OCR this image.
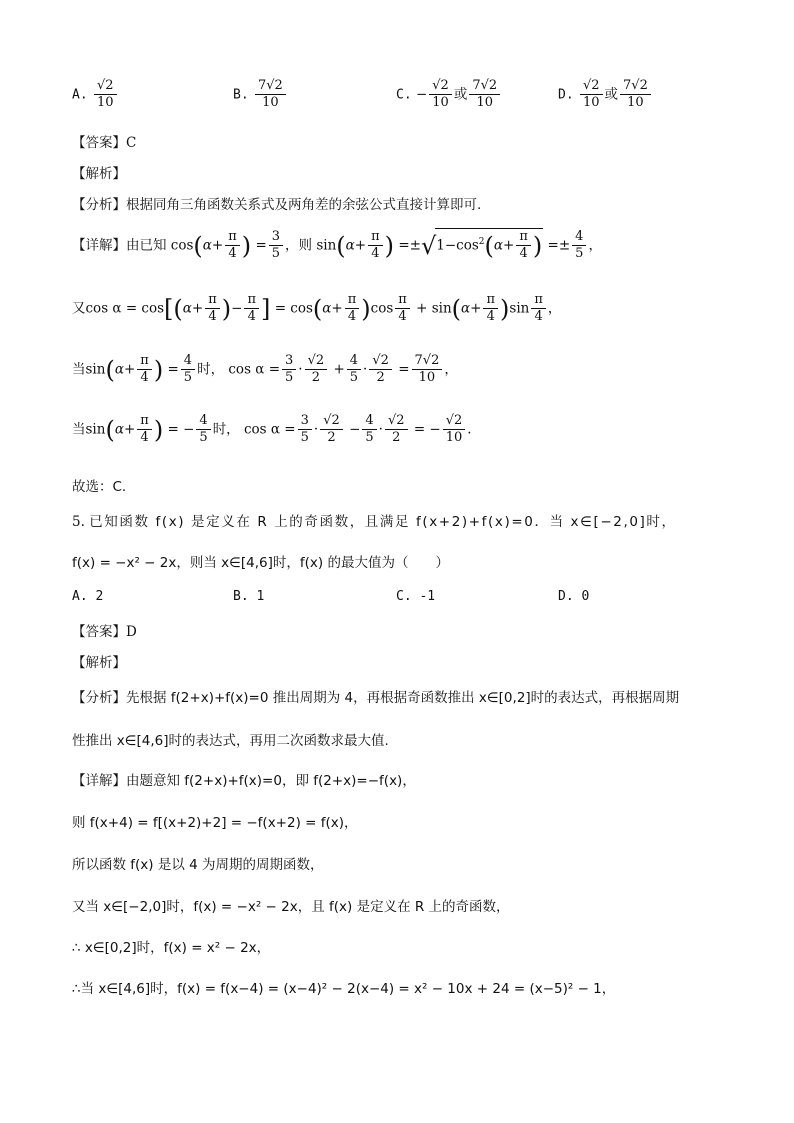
A. $\frac{√2}{10}$	B. $\frac{7√2}{10}$	C. − $\frac{√2}{10}$ 或 $\frac{7√2}{10}$	D. $\frac{√2}{10}$ 或 $\frac{7√2}{10}$
【答案】C
【解析】
【分析】根据同角三角函数关系式及两角差的余弦公式直接计算即可.
【详解】由已知 $\cos(\alpha+ \frac{\pi}{4}$ ) = $\frac{3}{5}$ ，则 $\sin(\alpha+ \frac{\pi}{4}$ ) $=\pm√1-\cos^2(\alpha+ \frac{\pi}{4}$ ) =± $\frac{4}{5}$ ，
又$\cos \alpha = \cos[(\alpha+ \frac{\pi}{4}$ )− $\frac{\pi}{4}$ ] = $\cos(\alpha+ \frac{\pi}{4} )\cos \frac{\pi}{4} + \sin(\alpha+ \frac{\pi}{4} )\sin \frac{\pi}{4}$ ，
当$\sin(\alpha+ \frac{\pi}{4}$ ) = $\frac{4}{5}$ 时， $\cos \alpha = \frac{3}{5} \cdot \frac{√2}{2} + \frac{4}{5} \cdot \frac{√2}{2} = \frac{7√2}{10}$ ，
当$\sin(\alpha+ \frac{\pi}{4}$ ) = − $\frac{4}{5}$ 时， $\cos \alpha = \frac{3}{5} \cdot \frac{√2}{2} - \frac{4}{5} \cdot \frac{√2}{2}$ = − $\frac{√2}{10}$ .
故选：C.
5. 已知函数 f(x) 是定义在 R 上的奇函数，且满足 f(x+2)+f(x)=0．当 x∈[−2,0]时，
f(x) = −x² − 2x，则当 x∈[4,6]时，f(x) 的最大值为（　　）
A. 2	B. 1	C. -1	D. 0
【答案】D
【解析】
【分析】先根据 f(2+x)+f(x)=0 推出周期为 4，再根据奇函数推出 x∈[0,2]时的表达式，再根据周期
性推出 x∈[4,6]时的表达式，再用二次函数求最大值.
【详解】由题意知 f(2+x)+f(x)=0，即 f(2+x)=−f(x)，
则 f(x+4) = f[(x+2)+2] = −f(x+2) = f(x)，
所以函数 f(x) 是以 4 为周期的周期函数，
又当 x∈[−2,0]时，f(x) = −x² − 2x，且 f(x) 是定义在 R 上的奇函数，
∴ x∈[0,2]时，f(x) = x² − 2x，
∴当 x∈[4,6]时，f(x) = f(x−4) = (x−4)² − 2(x−4) = x² − 10x + 24 = (x−5)² − 1，
